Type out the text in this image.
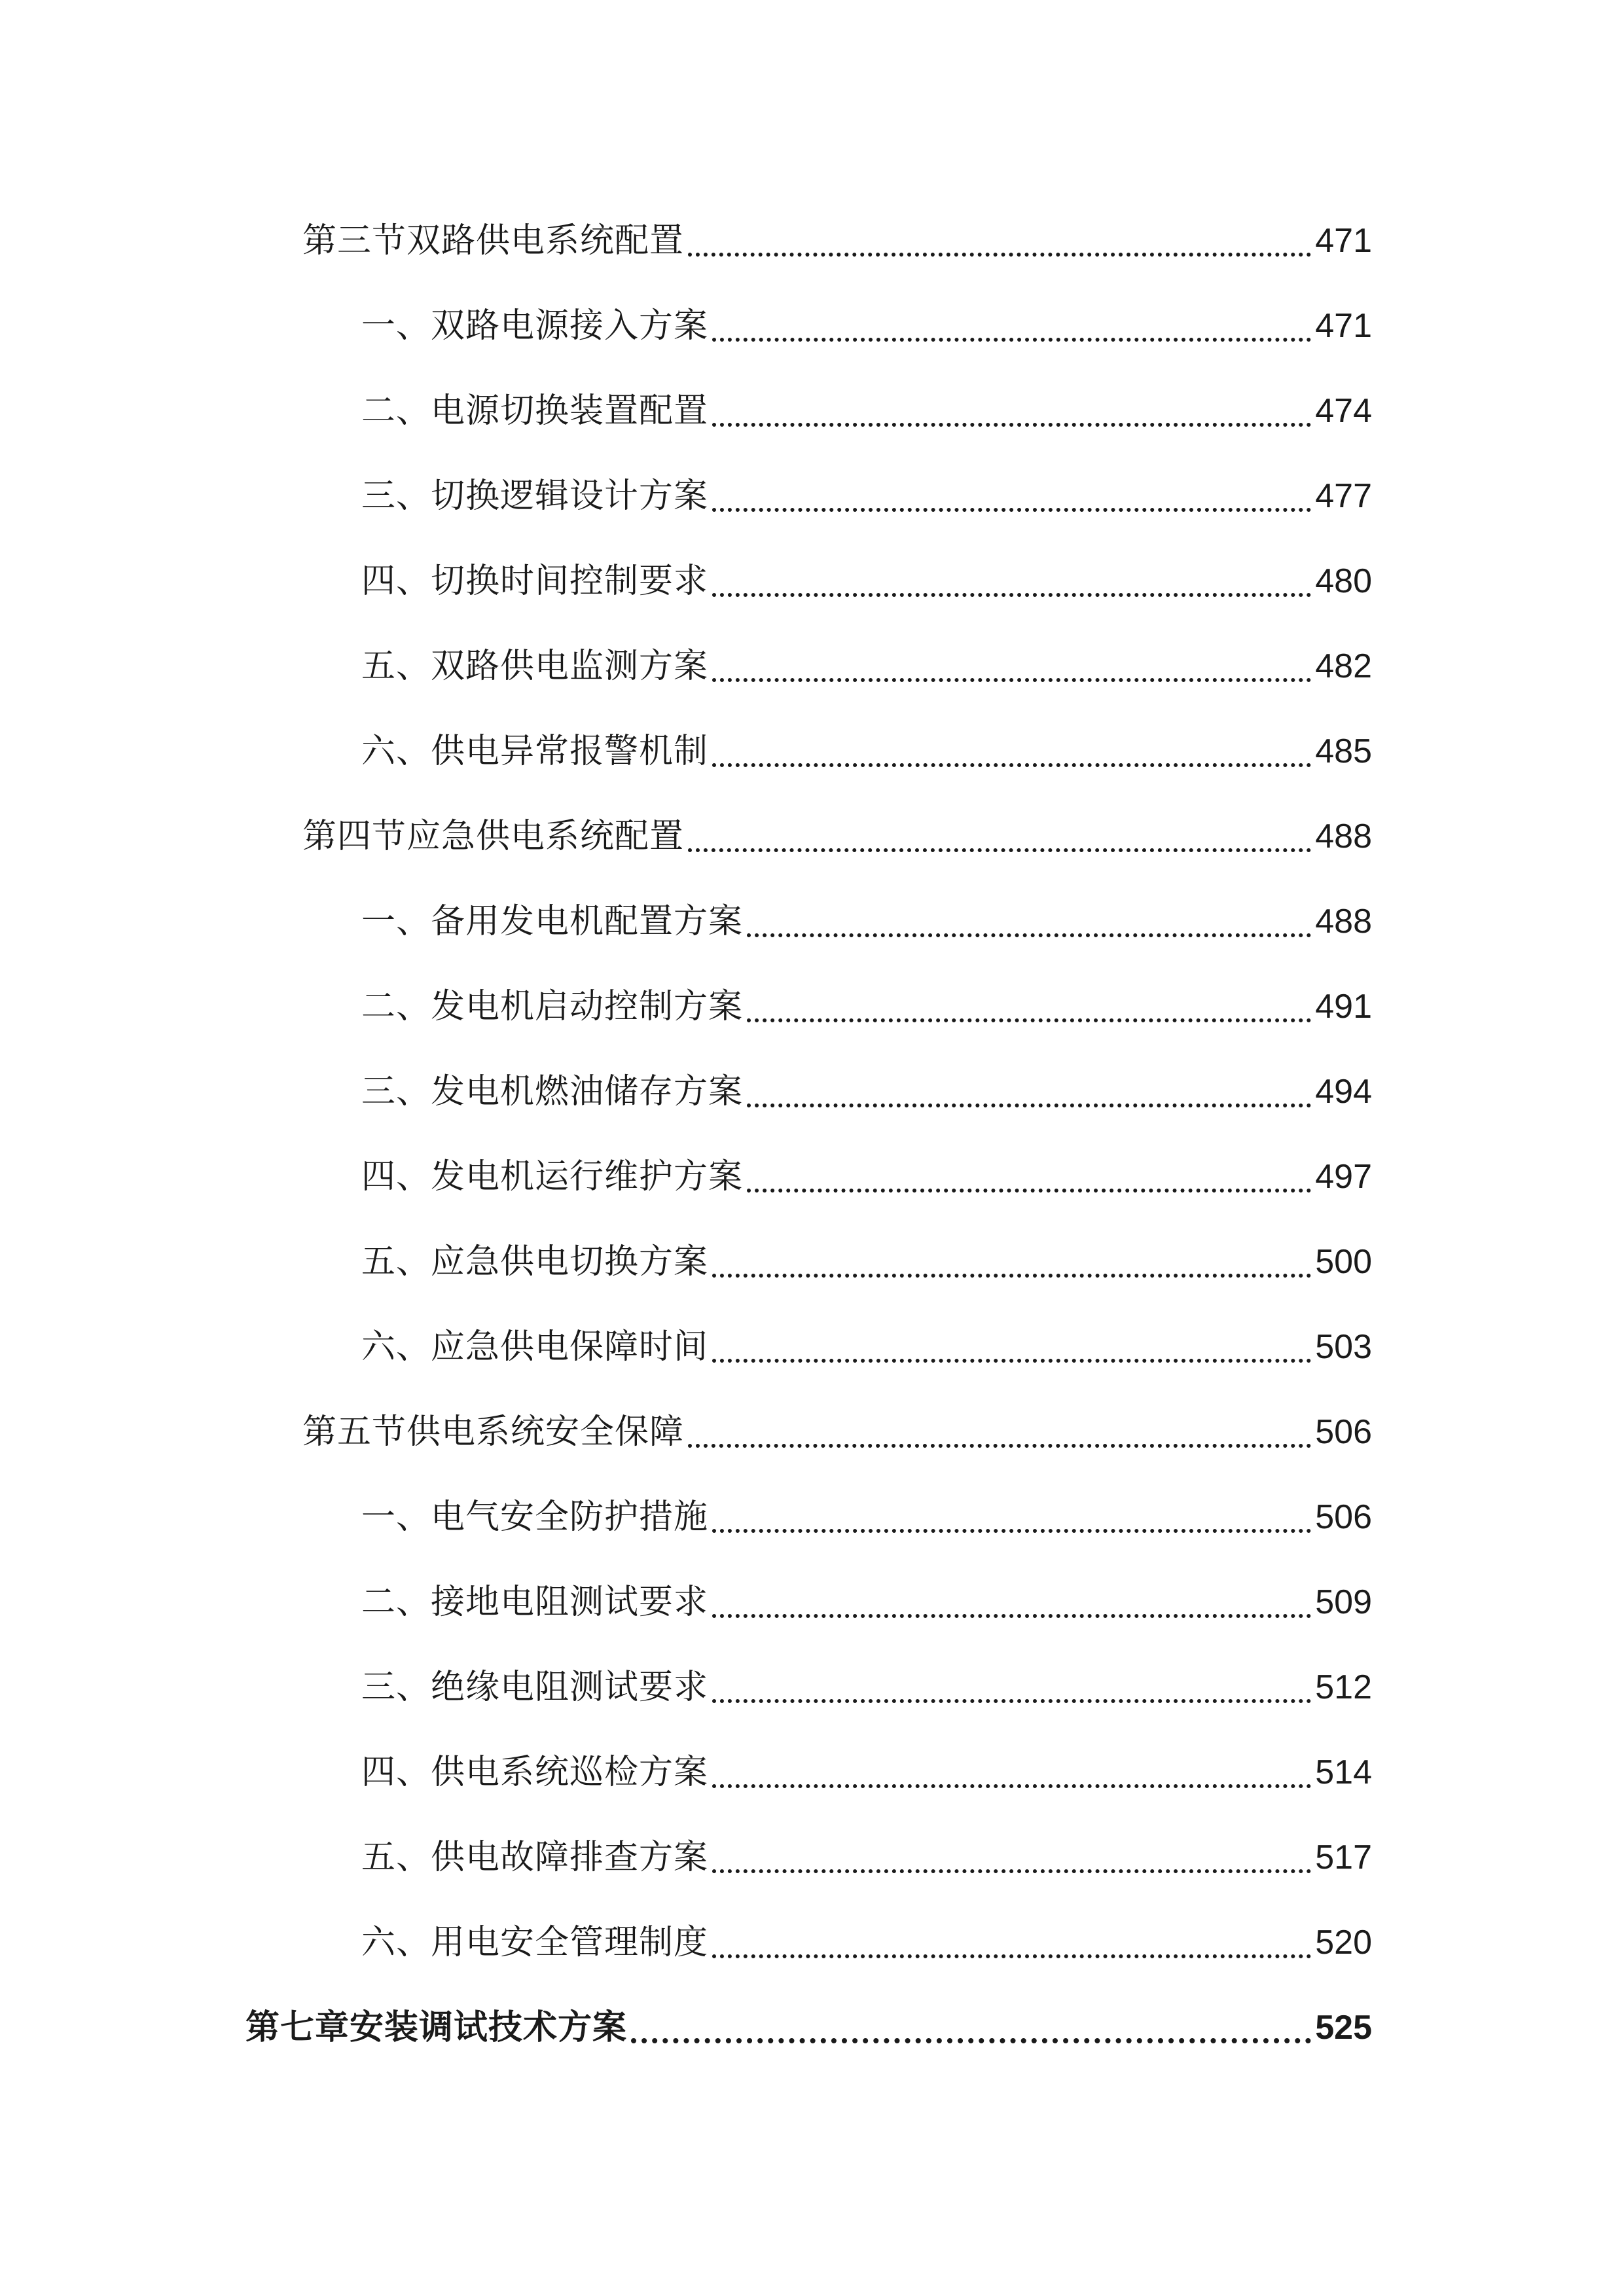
第三节双路供电系统配置	471
一、双路电源接入方案	471
二、电源切换装置配置	474
三、切换逻辑设计方案	477
四、切换时间控制要求	480
五、双路供电监测方案	482
六、供电异常报警机制	485
第四节应急供电系统配置	488
一、备用发电机配置方案	488
二、发电机启动控制方案	491
三、发电机燃油储存方案	494
四、发电机运行维护方案	497
五、应急供电切换方案	500
六、应急供电保障时间	503
第五节供电系统安全保障	506
一、电气安全防护措施	506
二、接地电阻测试要求	509
三、绝缘电阻测试要求	512
四、供电系统巡检方案	514
五、供电故障排查方案	517
六、用电安全管理制度	520
第七章安装调试技术方案	525
